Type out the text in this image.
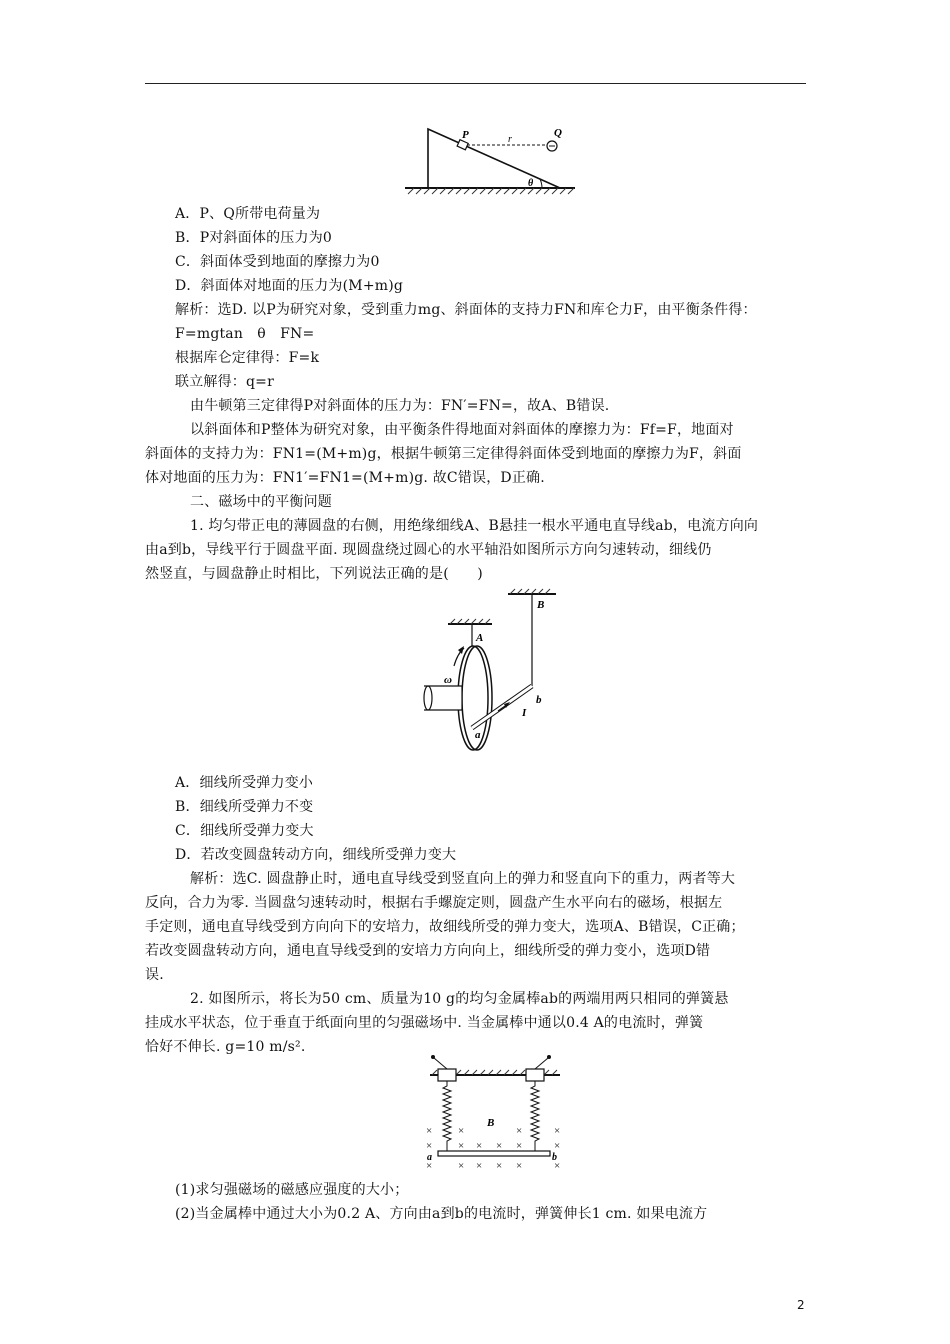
P	r
Q
θ
A．P、Q所带电荷量为
B．P对斜面体的压力为0
C．斜面体受到地面的摩擦力为0
D．斜面体对地面的压力为(M+m)g
解析：选D. 以P为研究对象，受到重力mg、斜面体的支持力FN和库仑力F，由平衡条件得：
F=mgtan　θ　FN=
根据库仑定律得：F=k
联立解得：q=r
由牛顿第三定律得P对斜面体的压力为：FN′=FN=，故A、B错误.
以斜面体和P整体为研究对象，由平衡条件得地面对斜面体的摩擦力为：Ff=F，地面对
斜面体的支持力为：FN1=(M+m)g，根据牛顿第三定律得斜面体受到地面的摩擦力为F，斜面
体对地面的压力为：FN1′=FN1=(M+m)g. 故C错误，D正确.
二、磁场中的平衡问题
1. 均匀带正电的薄圆盘的右侧，用绝缘细线A、B悬挂一根水平通电直导线ab，电流方向向
由a到b，导线平行于圆盘平面. 现圆盘绕过圆心的水平轴沿如图所示方向匀速转动，细线仍
然竖直，与圆盘静止时相比，下列说法正确的是(　　)
A
B
ω
b
I
a
A．细线所受弹力变小
B．细线所受弹力不变
C．细线所受弹力变大
D．若改变圆盘转动方向，细线所受弹力变大
解析：选C. 圆盘静止时，通电直导线受到竖直向上的弹力和竖直向下的重力，两者等大
反向，合力为零. 当圆盘匀速转动时，根据右手螺旋定则，圆盘产生水平向右的磁场，根据左
手定则，通电直导线受到方向向下的安培力，故细线所受的弹力变大，选项A、B错误，C正确；
若改变圆盘转动方向，通电直导线受到的安培力方向向上，细线所受的弹力变小，选项D错
误.
2. 如图所示，将长为50 cm、质量为10 g的均匀金属棒ab的两端用两只相同的弹簧悬
挂成水平状态，位于垂直于纸面向里的匀强磁场中. 当金属棒中通以0.4 A的电流时，弹簧
恰好不伸长. g=10 m/s².
×
×
×
×
×
×
×
×
×
×
×
×
×
×
×
×
B
a	b
(1)求匀强磁场的磁感应强度的大小；
(2)当金属棒中通过大小为0.2 A、方向由a到b的电流时，弹簧伸长1 cm. 如果电流方
2
